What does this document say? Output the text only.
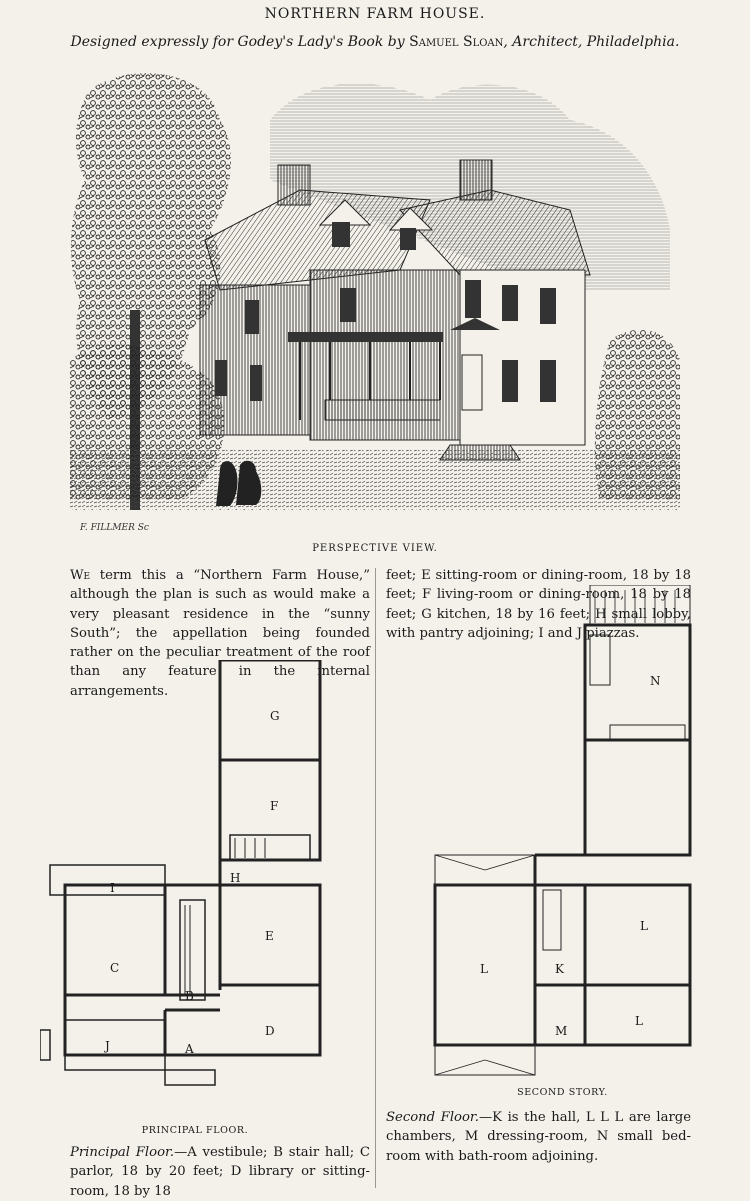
NORTHERN FARM HOUSE.
Designed expressly for Godey's Lady's Book by Samuel Sloan, Architect, Philadelphia.
F. FILLMER Sc
PERSPECTIVE VIEW.
We term this a “Northern Farm House,” although the plan is such as would make a very pleasant residence in the “sunny South”; the appellation being founded rather on the peculiar treatment of the roof than any feature in the internal arrangements.
feet; E sitting-room or dining-room, 18 by 18 feet; F living-room or dining-room, 18 by 18 feet; G kitchen, 18 by 16 feet; H small lobby, with pantry adjoining; I and J piazzas.
G
F
H
I
E
C
B
D
J	A
N
L
L	K
L
M
PRINCIPAL FLOOR.
SECOND STORY.
Principal Floor.—A vestibule; B stair hall; C parlor, 18 by 20 feet; D library or sitting-room, 18 by 18
Second Floor.—K is the hall, L L L are large chambers, M dressing-room, N small bed-room with bath-room adjoining.
